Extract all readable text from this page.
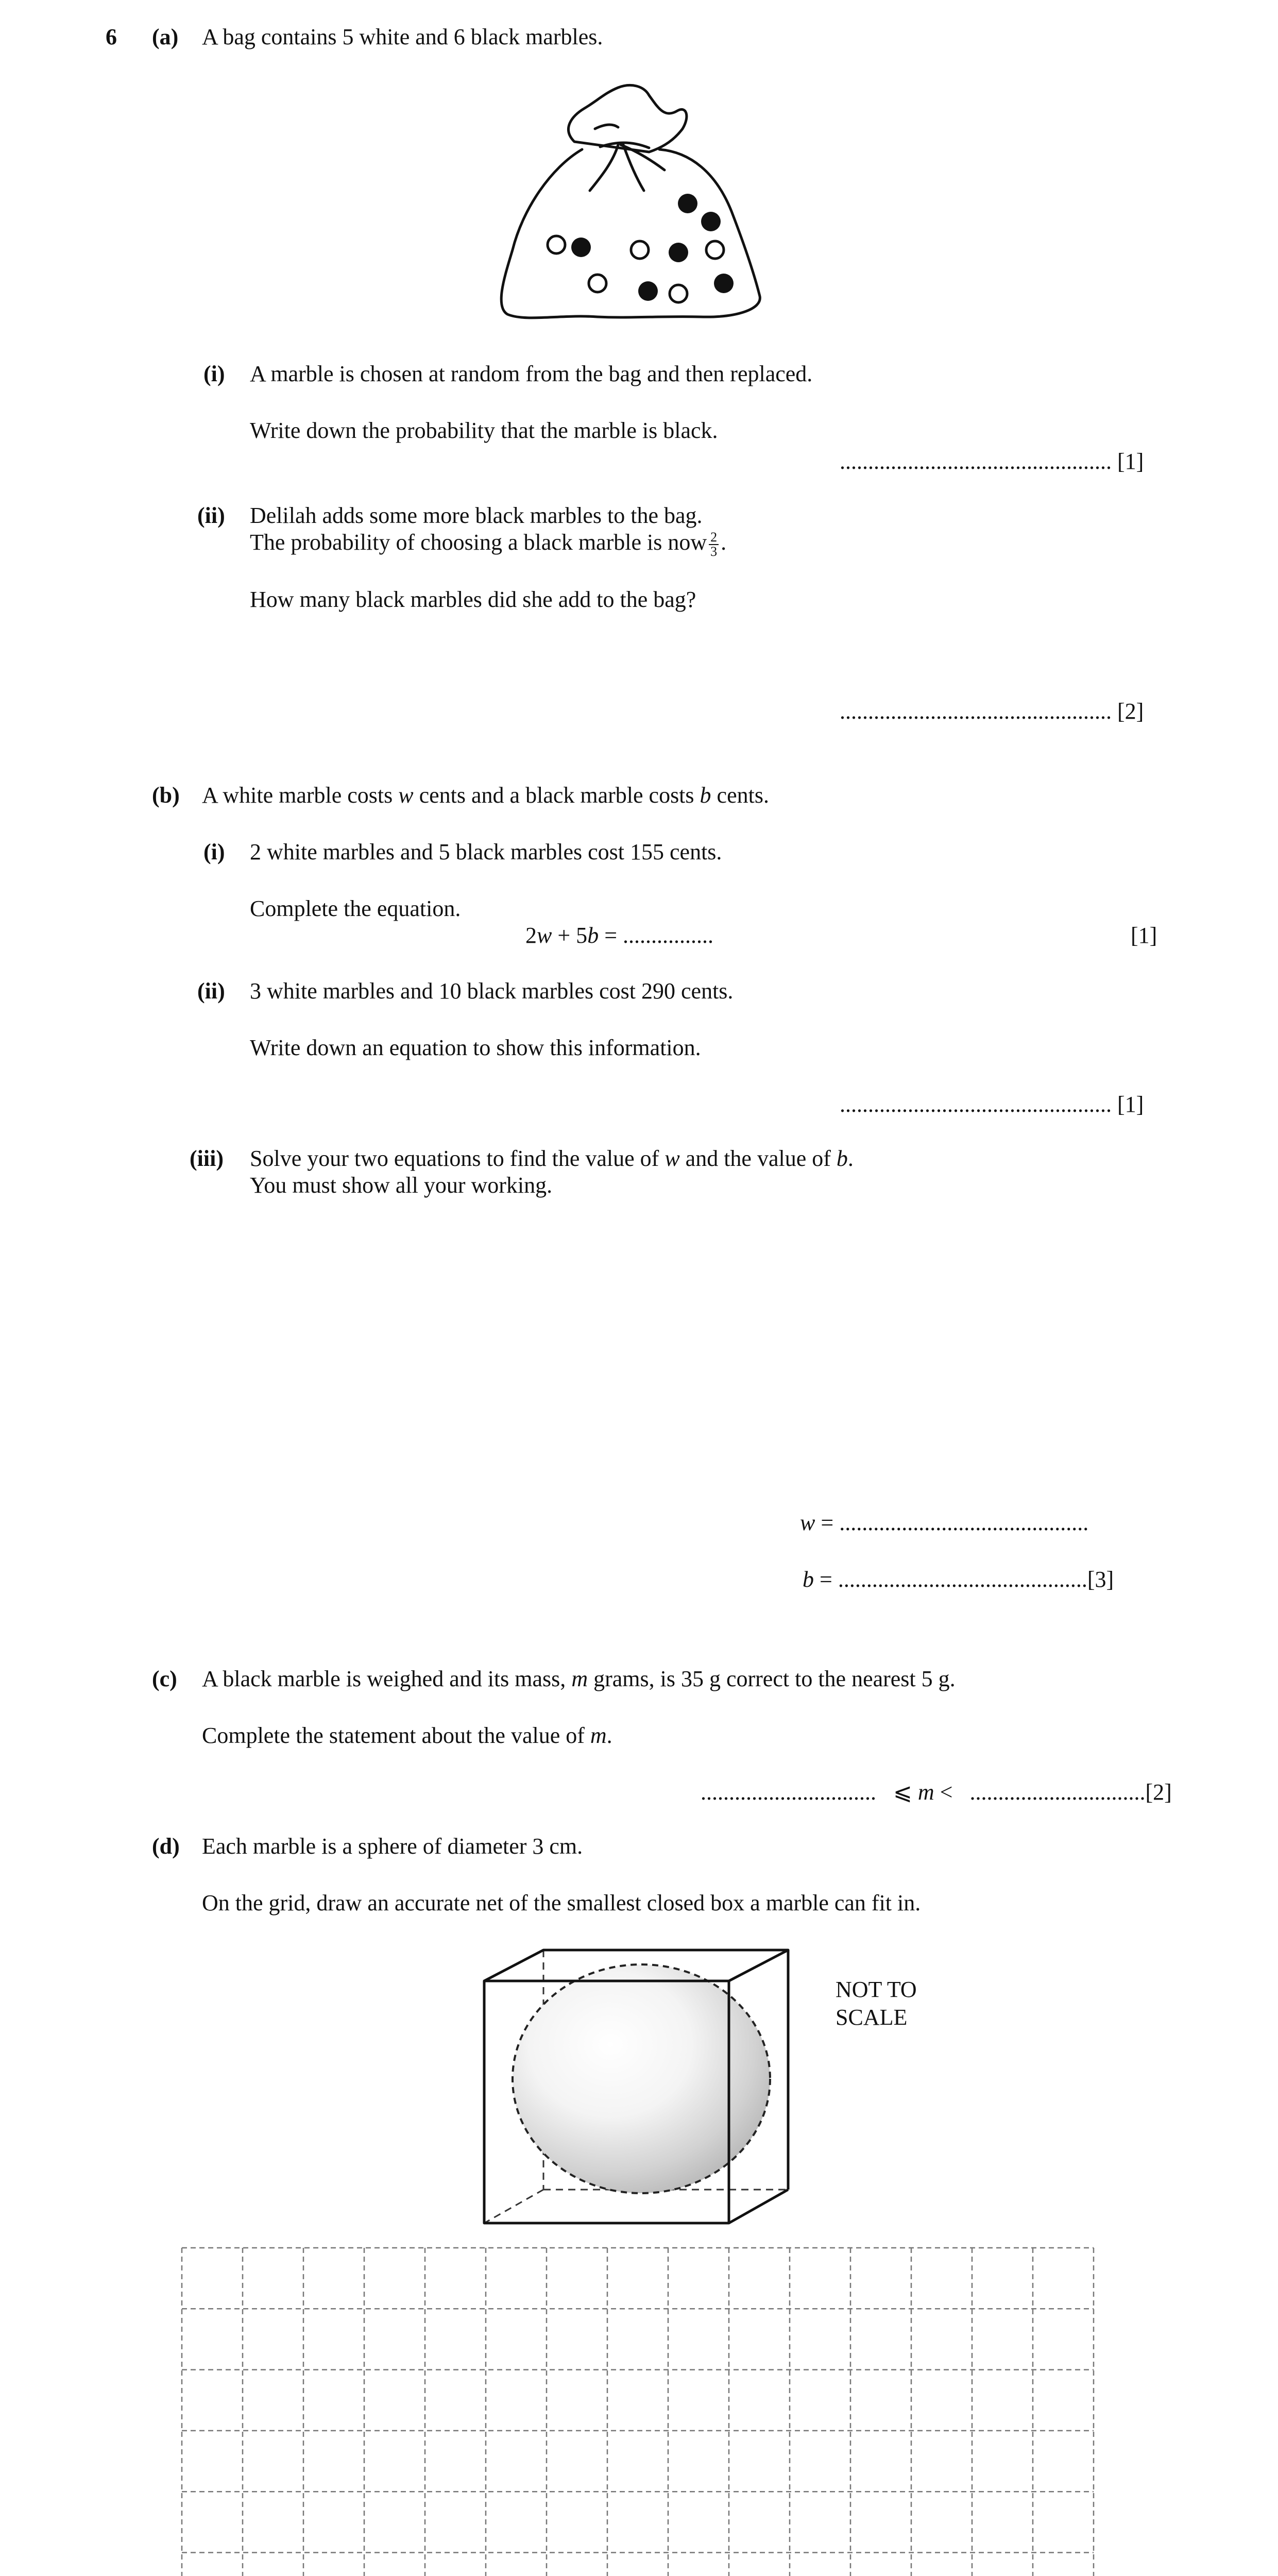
6 (a) A bag contains 5 white and 6 black marbles.
(i) A marble is chosen at random from the bag and then replaced.
Write down the probability that the marble is black.
................................................ [1]
(ii) Delilah adds some more black marbles to the bag.
The probability of choosing a black marble is now $\frac{2}{3}$ .
How many black marbles did she add to the bag?
................................................ [2]
(b) A white marble costs w cents and a black marble costs b cents.
(i) 2 white marbles and 5 black marbles cost 155 cents.
Complete the equation.
2w + 5b = ................	[1]
(ii) 3 white marbles and 10 black marbles cost 290 cents.
Write down an equation to show this information.
................................................ [1]
(iii) Solve your two equations to find the value of w and the value of b.
You must show all your working.
w = ............................................
b = ............................................[3]
(c) A black marble is weighed and its mass, m grams, is 35 g correct to the nearest 5 g.
Complete the statement about the value of m.
............................... ⩽ m < ...............................[2]
(d) Each marble is a sphere of diameter 3 cm.
On the grid, draw an accurate net of the smallest closed box a marble can fit in.
NOT TO
SCALE
